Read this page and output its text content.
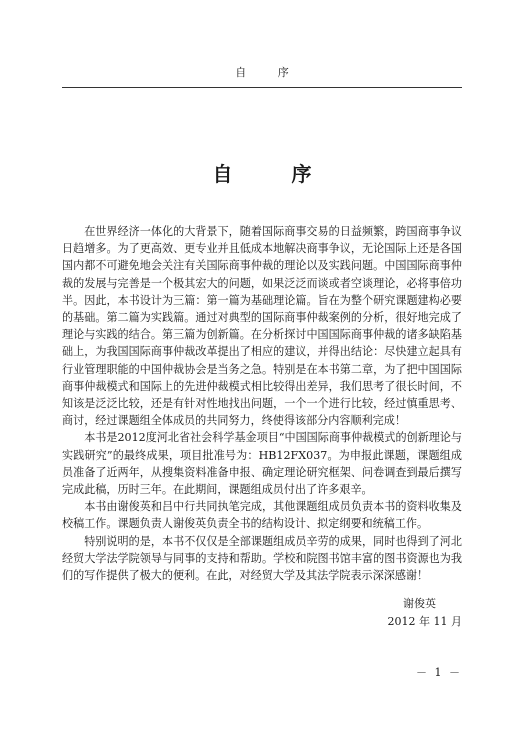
自 序
自 序

在世界经济一体化的大背景下，随着国际商事交易的日益频繁，跨国商事争议日趋增多。为了更高效、更专业并且低成本地解决商事争议，无论国际上还是各国国内都不可避免地会关注有关国际商事仲裁的理论以及实践问题。中国国际商事仲裁的发展与完善是一个极其宏大的问题，如果泛泛而谈或者空谈理论，必将事倍功半。因此，本书设计为三篇：第一篇为基础理论篇。旨在为整个研究课题建构必要的基础。第二篇为实践篇。通过对典型的国际商事仲裁案例的分析，很好地完成了理论与实践的结合。第三篇为创新篇。在分析探讨中国国际商事仲裁的诸多缺陷基础上，为我国国际商事仲裁改革提出了相应的建议，并得出结论：尽快建立起具有行业管理职能的中国仲裁协会是当务之急。特别是在本书第二章，为了把中国国际商事仲裁模式和国际上的先进仲裁模式相比较得出差异，我们思考了很长时间，不知该是泛泛比较，还是有针对性地找出问题，一个一个进行比较，经过慎重思考、商讨，经过课题组全体成员的共同努力，终使得该部分内容顺利完成！

本书是2012度河北省社会科学基金项目“中国国际商事仲裁模式的创新理论与实践研究”的最终成果，项目批准号为：HB12FX037。为申报此课题，课题组成员准备了近两年，从搜集资料准备申报、确定理论研究框架、问卷调查到最后撰写完成此稿，历时三年。在此期间，课题组成员付出了许多艰辛。

本书由谢俊英和吕中行共同执笔完成，其他课题组成员负责本书的资料收集及校稿工作。课题负责人谢俊英负责全书的结构设计、拟定纲要和统稿工作。

特别说明的是，本书不仅仅是全部课题组成员辛劳的成果，同时也得到了河北经贸大学法学院领导与同事的支持和帮助。学校和院图书馆丰富的图书资源也为我们的写作提供了极大的便利。在此，对经贸大学及其法学院表示深深感谢！

谢俊英
2012 年 11 月
－ 1 －
